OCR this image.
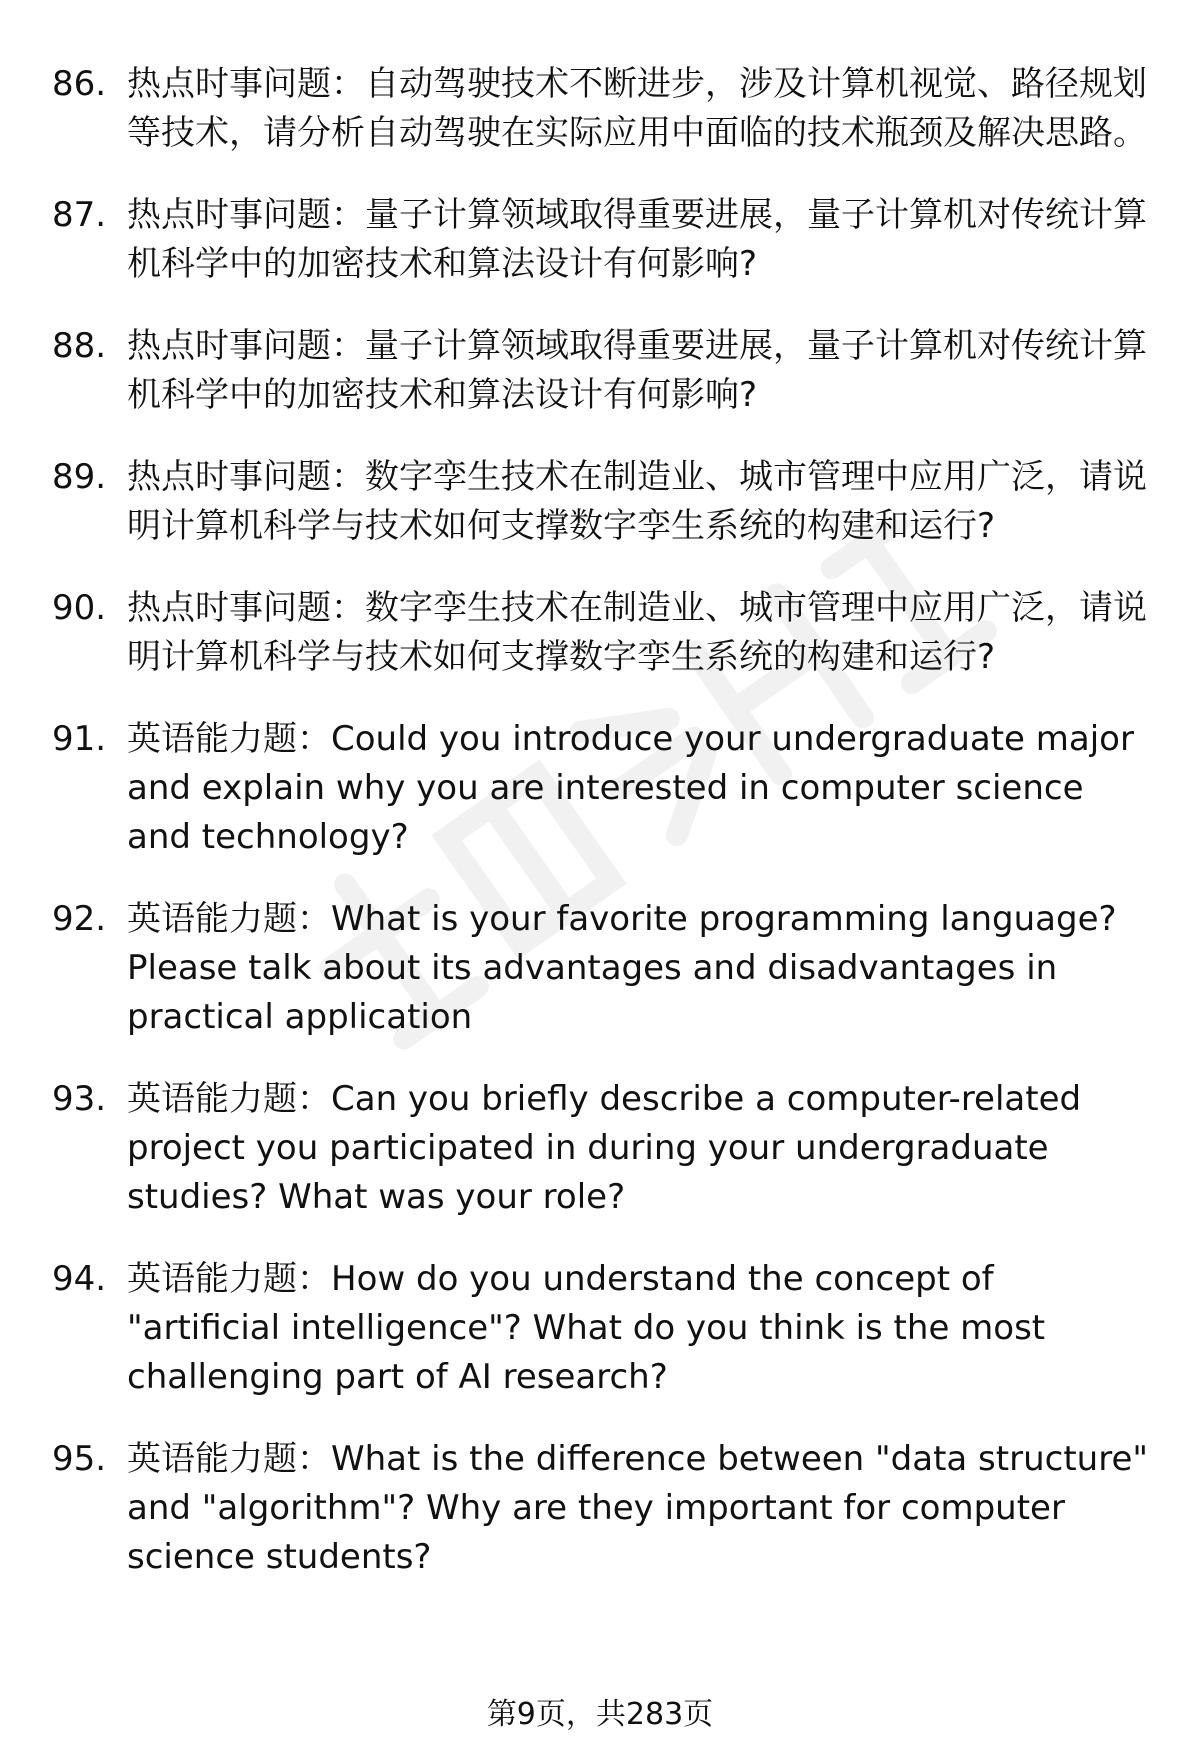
86. 热点时事问题：自动驾驶技术不断进步，涉及计算机视觉、路径规划等技术，请分析自动驾驶在实际应用中面临的技术瓶颈及解决思路。
87. 热点时事问题：量子计算领域取得重要进展，量子计算机对传统计算机科学中的加密技术和算法设计有何影响?
88. 热点时事问题：量子计算领域取得重要进展，量子计算机对传统计算机科学中的加密技术和算法设计有何影响?
89. 热点时事问题：数字孪生技术在制造业、城市管理中应用广泛，请说明计算机科学与技术如何支撑数字孪生系统的构建和运行?
90. 热点时事问题：数字孪生技术在制造业、城市管理中应用广泛，请说明计算机科学与技术如何支撑数字孪生系统的构建和运行?
91. 英语能力题：Could you introduce your undergraduate major and explain why you are interested in computer science and technology?
92. 英语能力题：What is your favorite programming language? Please talk about its advantages and disadvantages in practical application
93. 英语能力题：Can you briefly describe a computer-related project you participated in during your undergraduate studies? What was your role?
94. 英语能力题：How do you understand the concept of "artificial intelligence"? What do you think is the most challenging part of AI research?
95. 英语能力题：What is the difference between "data structure" and "algorithm"? Why are they important for computer science students?
第9页，共283页
